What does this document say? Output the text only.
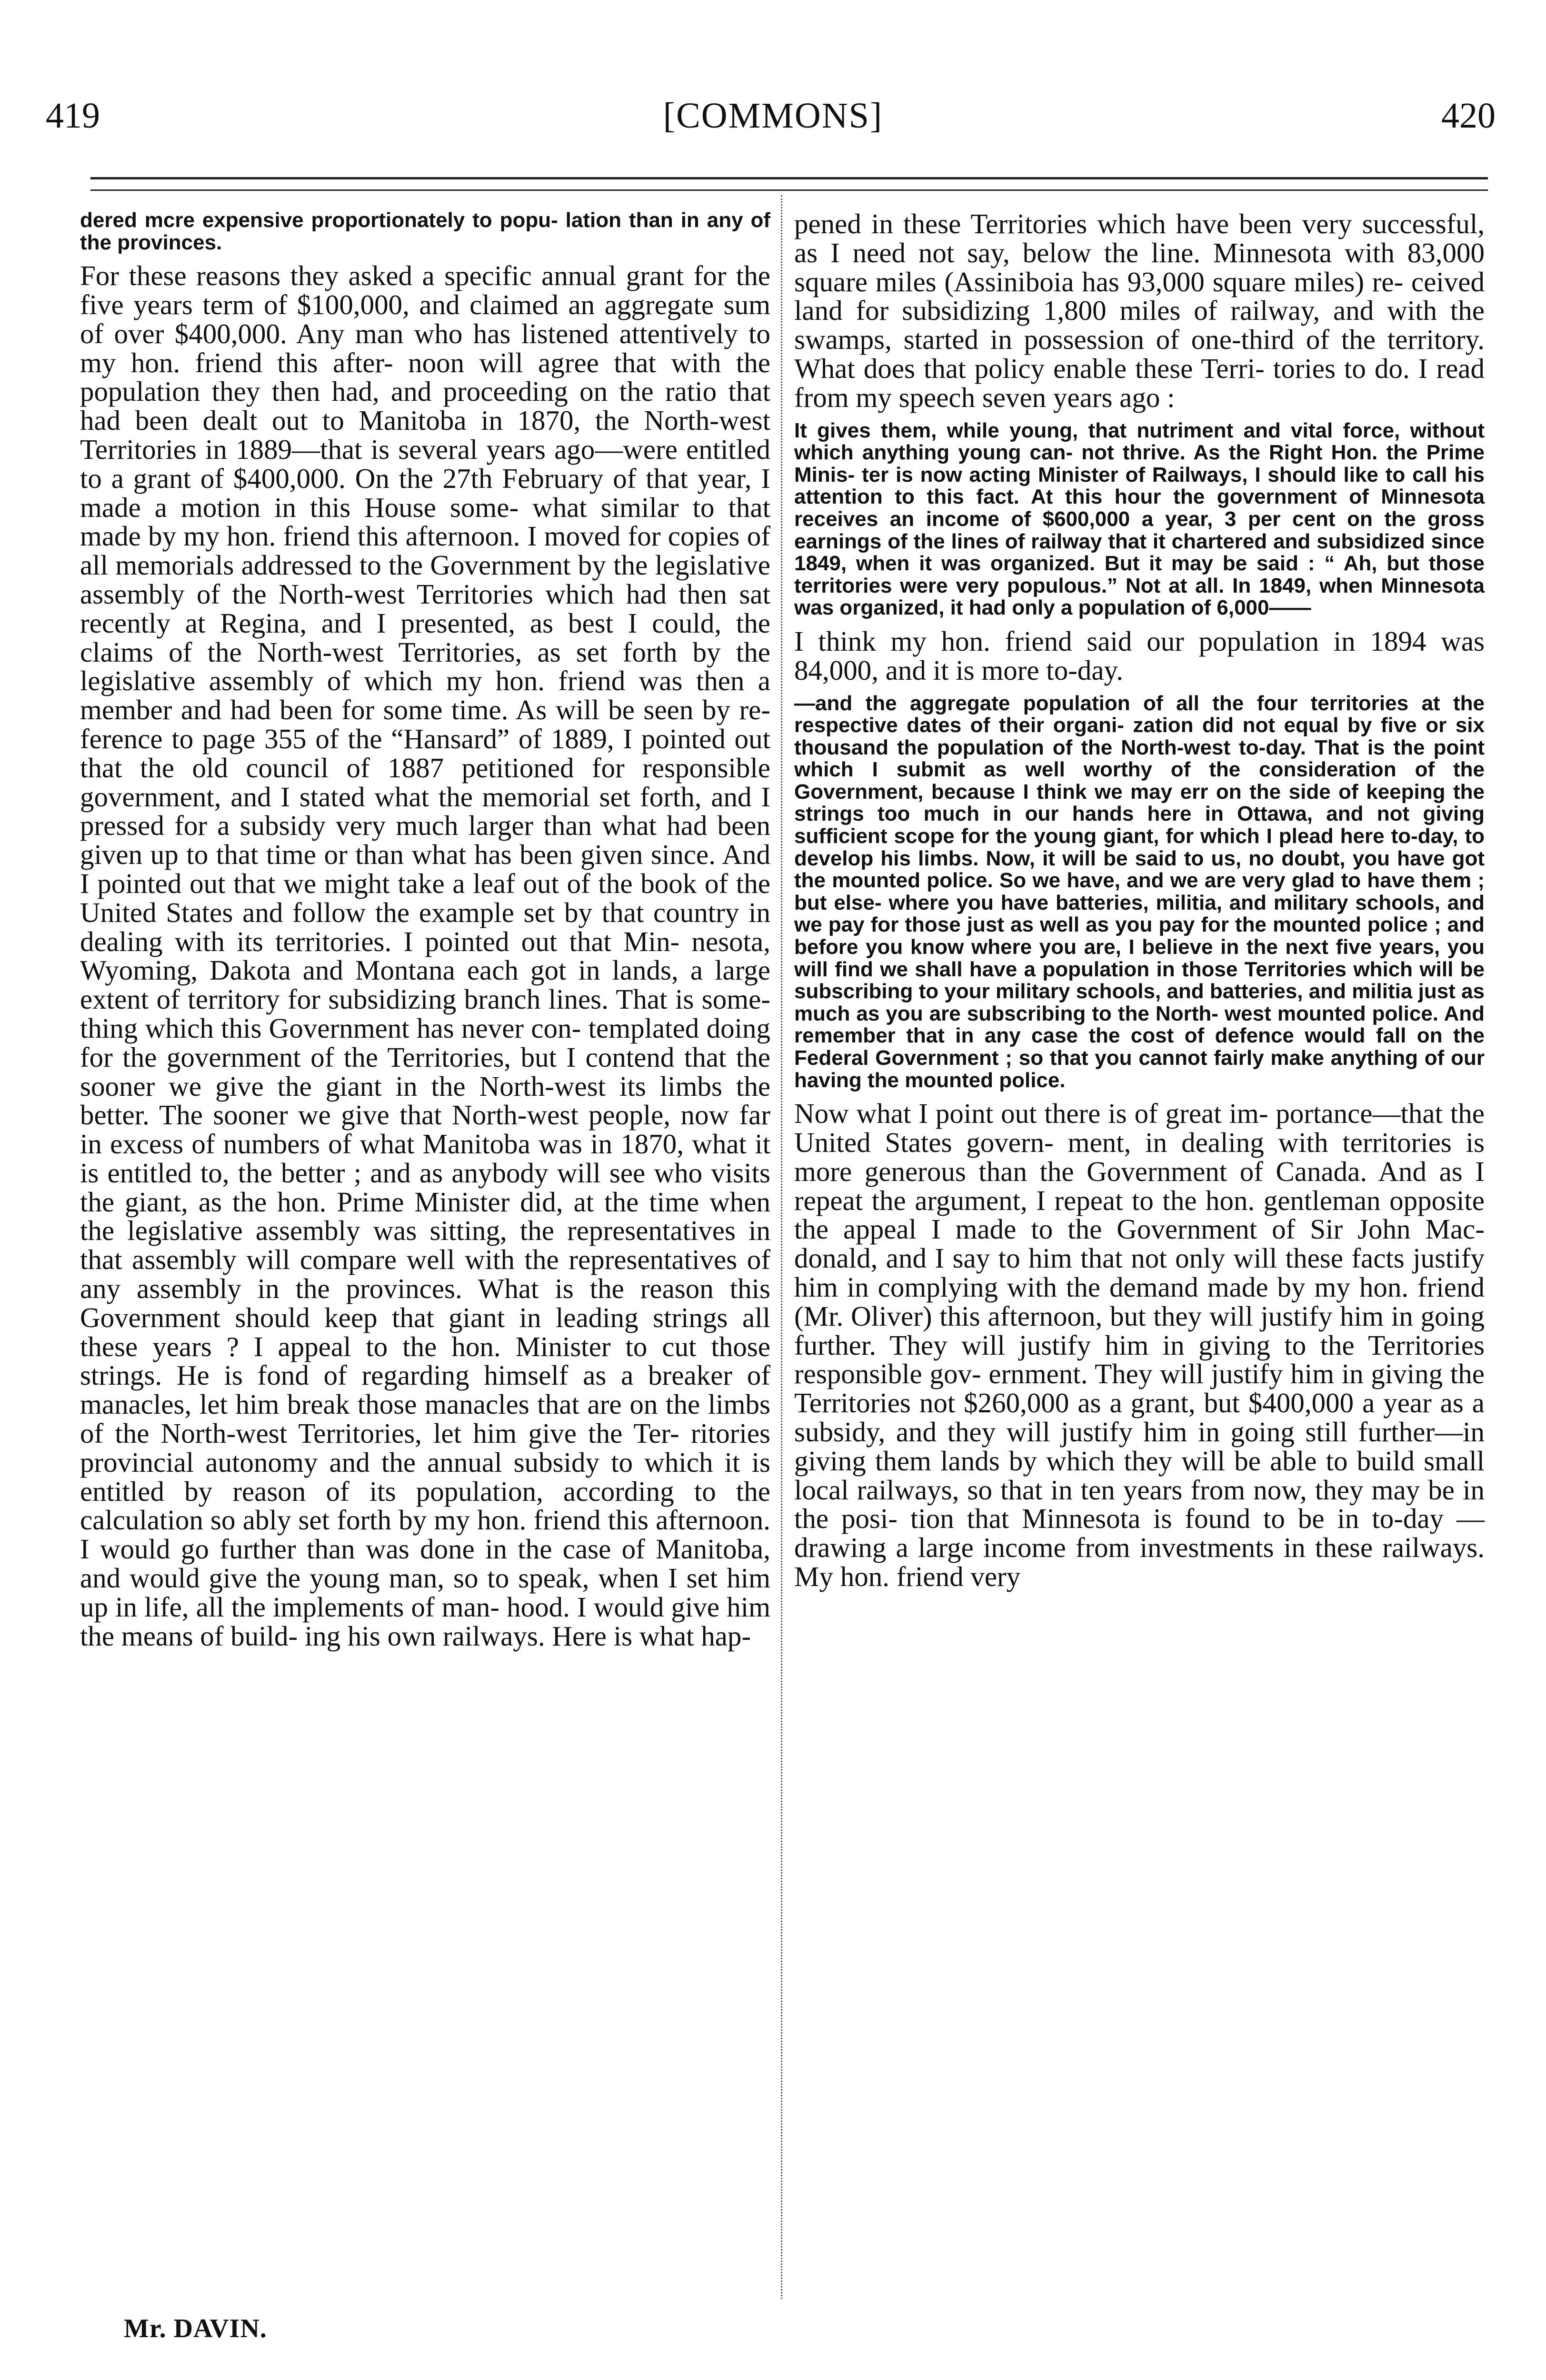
419	[COMMONS]	420

dered mcre expensive proportionately to popu- lation than in any of the provinces.

For these reasons they asked a specific annual grant for the five years term of $100,000, and claimed an aggregate sum of over $400,000. Any man who has listened attentively to my hon. friend this after- noon will agree that with the population they then had, and proceeding on the ratio that had been dealt out to Manitoba in 1870, the North-west Territories in 1889—that is several years ago—were entitled to a grant of $400,000. On the 27th February of that year, I made a motion in this House some- what similar to that made by my hon. friend this afternoon. I moved for copies of all memorials addressed to the Government by the legislative assembly of the North-west Territories which had then sat recently at Regina, and I presented, as best I could, the claims of the North-west Territories, as set forth by the legislative assembly of which my hon. friend was then a member and had been for some time. As will be seen by re- ference to page 355 of the “Hansard” of 1889, I pointed out that the old council of 1887 petitioned for responsible government, and I stated what the memorial set forth, and I pressed for a subsidy very much larger than what had been given up to that time or than what has been given since. And I pointed out that we might take a leaf out of the book of the United States and follow the example set by that country in dealing with its territories. I pointed out that Min- nesota, Wyoming, Dakota and Montana each got in lands, a large extent of territory for subsidizing branch lines. That is some- thing which this Government has never con- templated doing for the government of the Territories, but I contend that the sooner we give the giant in the North-west its limbs the better. The sooner we give that North-west people, now far in excess of numbers of what Manitoba was in 1870, what it is entitled to, the better ; and as anybody will see who visits the giant, as the hon. Prime Minister did, at the time when the legislative assembly was sitting, the representatives in that assembly will compare well with the representatives of any assembly in the provinces. What is the reason this Government should keep that giant in leading strings all these years ? I appeal to the hon. Minister to cut those strings. He is fond of regarding himself as a breaker of manacles, let him break those manacles that are on the limbs of the North-west Territories, let him give the Ter- ritories provincial autonomy and the annual subsidy to which it is entitled by reason of its population, according to the calculation so ably set forth by my hon. friend this afternoon. I would go further than was done in the case of Manitoba, and would give the young man, so to speak, when I set him up in life, all the implements of man- hood. I would give him the means of build- ing his own railways. Here is what hap-

pened in these Territories which have been very successful, as I need not say, below the line. Minnesota with 83,000 square miles (Assiniboia has 93,000 square miles) re- ceived land for subsidizing 1,800 miles of railway, and with the swamps, started in possession of one-third of the territory. What does that policy enable these Terri- tories to do. I read from my speech seven years ago :

It gives them, while young, that nutriment and vital force, without which anything young can- not thrive. As the Right Hon. the Prime Minis- ter is now acting Minister of Railways, I should like to call his attention to this fact. At this hour the government of Minnesota receives an income of $600,000 a year, 3 per cent on the gross earnings of the lines of railway that it chartered and subsidized since 1849, when it was organized. But it may be said : “ Ah, but those territories were very populous.” Not at all. In 1849, when Minnesota was organized, it had only a population of 6,000——

I think my hon. friend said our population in 1894 was 84,000, and it is more to-day.

—and the aggregate population of all the four territories at the respective dates of their organi- zation did not equal by five or six thousand the population of the North-west to-day. That is the point which I submit as well worthy of the consideration of the Government, because I think we may err on the side of keeping the strings too much in our hands here in Ottawa, and not giving sufficient scope for the young giant, for which I plead here to-day, to develop his limbs. Now, it will be said to us, no doubt, you have got the mounted police. So we have, and we are very glad to have them ; but else- where you have batteries, militia, and military schools, and we pay for those just as well as you pay for the mounted police ; and before you know where you are, I believe in the next five years, you will find we shall have a population in those Territories which will be subscribing to your military schools, and batteries, and militia just as much as you are subscribing to the North- west mounted police. And remember that in any case the cost of defence would fall on the Federal Government ; so that you cannot fairly make anything of our having the mounted police.

Now what I point out there is of great im- portance—that the United States govern- ment, in dealing with territories is more generous than the Government of Canada. And as I repeat the argument, I repeat to the hon. gentleman opposite the appeal I made to the Government of Sir John Mac- donald, and I say to him that not only will these facts justify him in complying with the demand made by my hon. friend (Mr. Oliver) this afternoon, but they will justify him in going further. They will justify him in giving to the Territories responsible gov- ernment. They will justify him in giving the Territories not $260,000 as a grant, but $400,000 a year as a subsidy, and they will justify him in going still further—in giving them lands by which they will be able to build small local railways, so that in ten years from now, they may be in the posi- tion that Minnesota is found to be in to-day —drawing a large income from investments in these railways. My hon. friend very

Mr. DAVIN.
